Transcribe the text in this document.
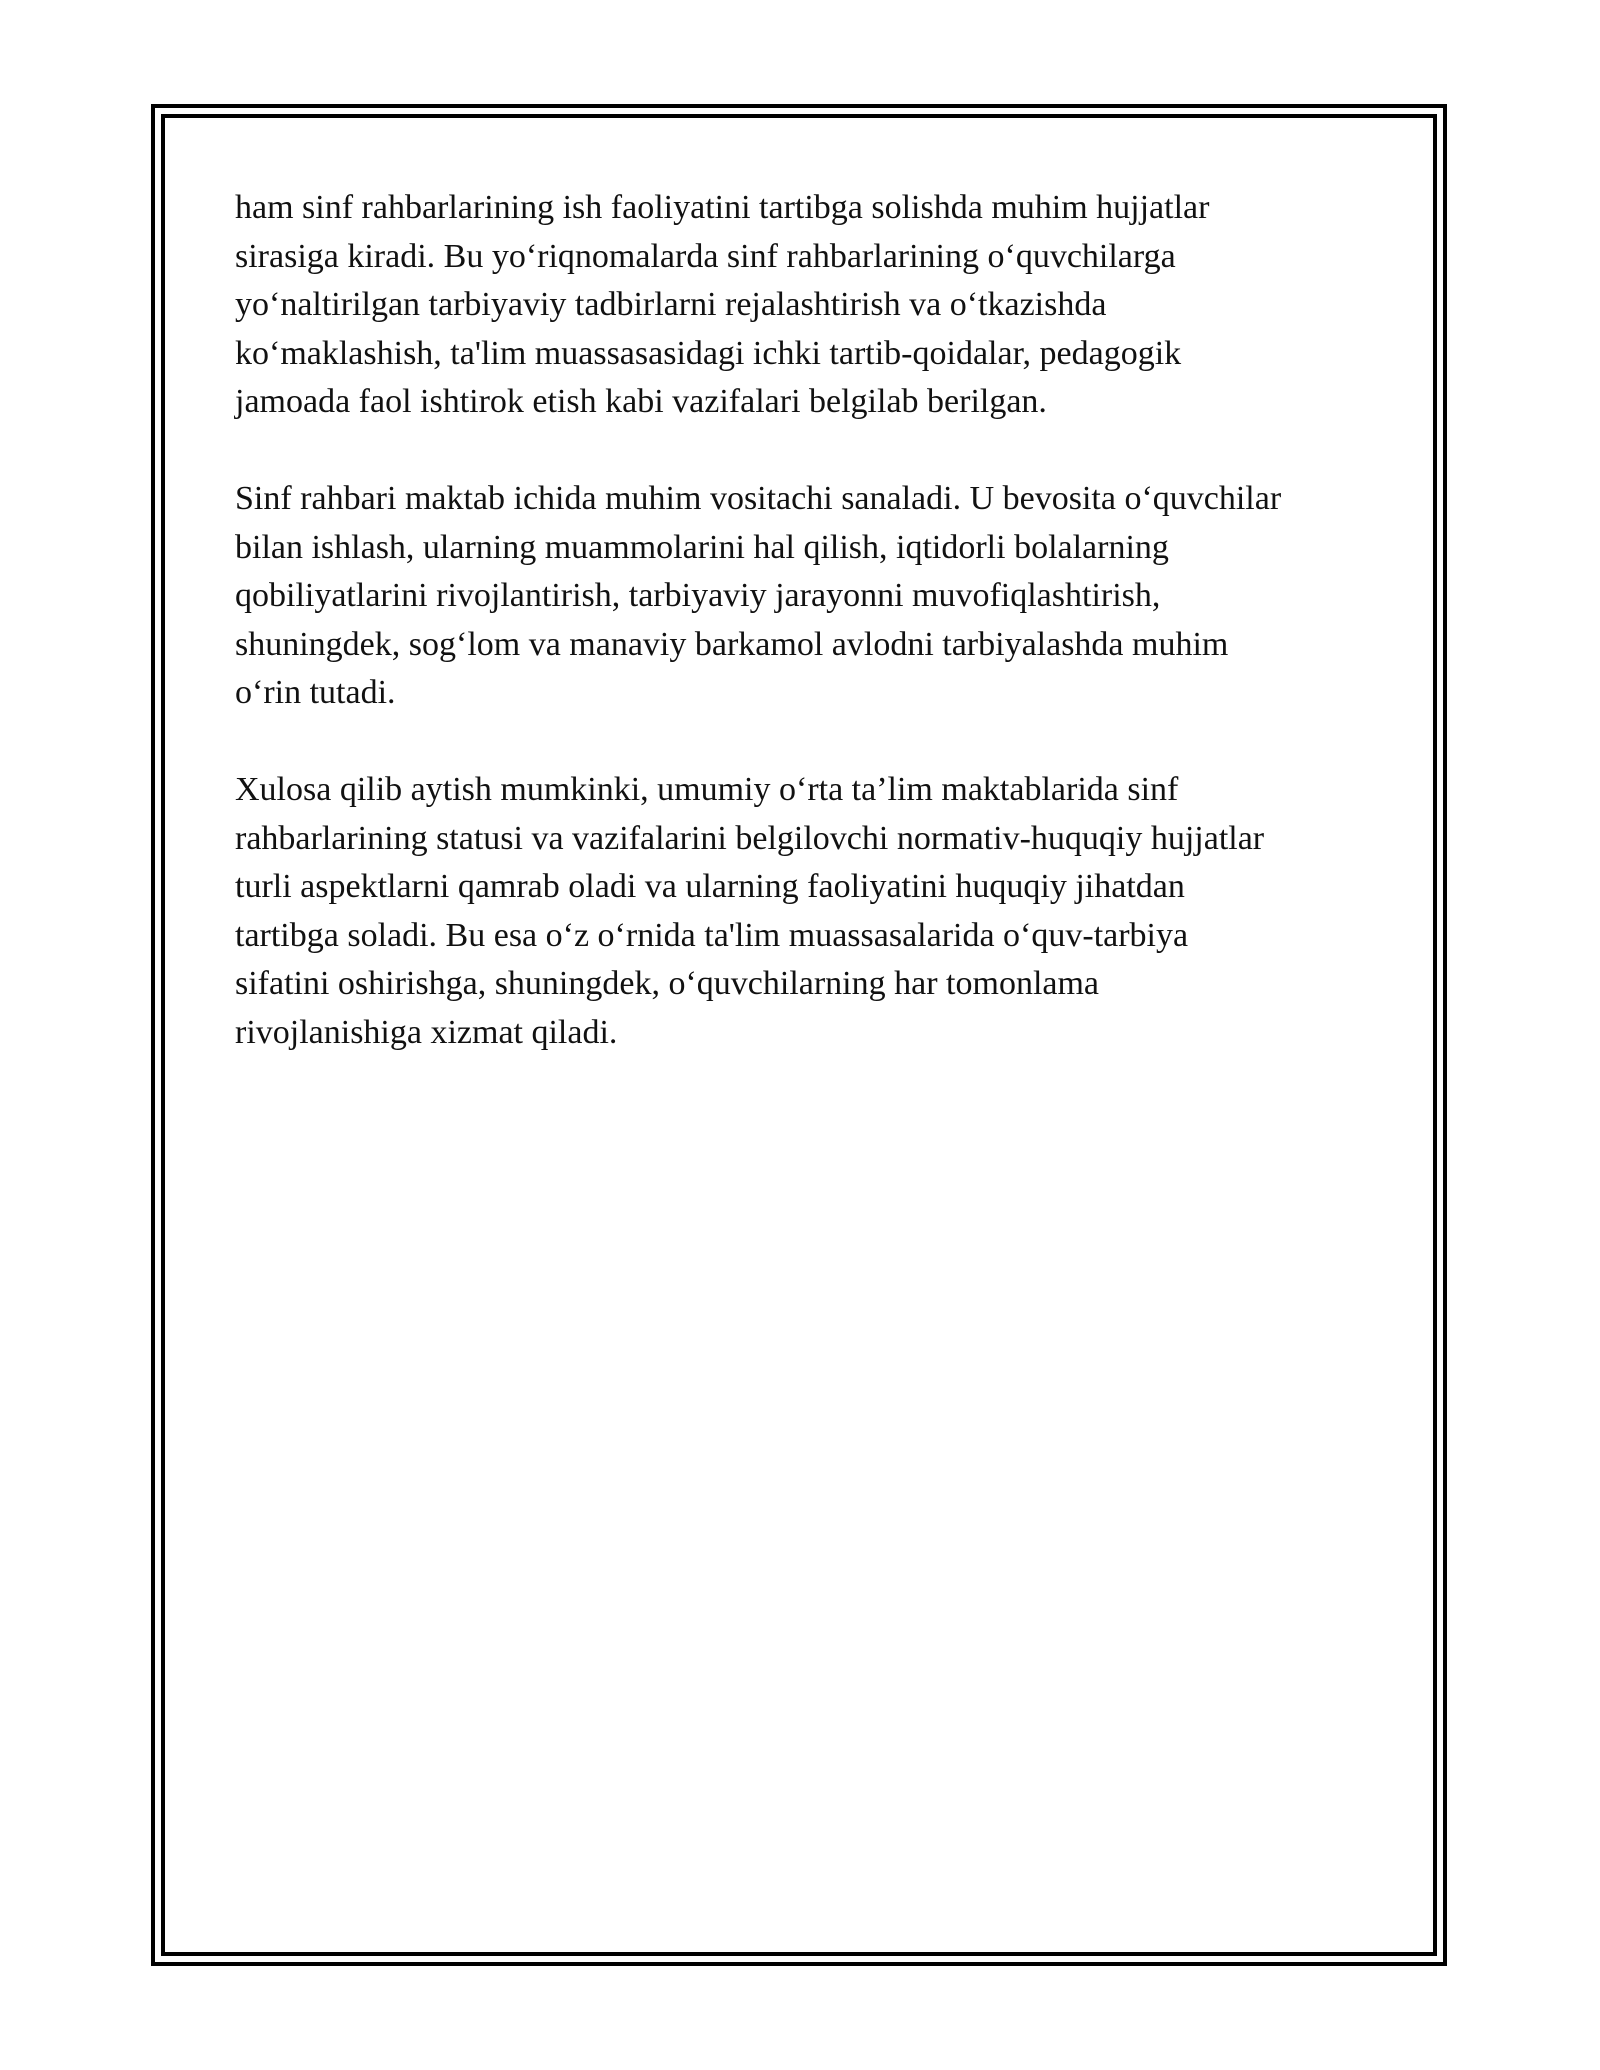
ham sinf rahbarlarining ish faoliyatini tartibga solishda muhim hujjatlar
sirasiga kiradi. Bu yo‘riqnomalarda sinf rahbarlarining o‘quvchilarga
yo‘naltirilgan tarbiyaviy tadbirlarni rejalashtirish va o‘tkazishda
ko‘maklashish, ta'lim muassasasidagi ichki tartib-qoidalar, pedagogik
jamoada faol ishtirok etish kabi vazifalari belgilab berilgan.

Sinf rahbari maktab ichida muhim vositachi sanaladi. U bevosita o‘quvchilar
bilan ishlash, ularning muammolarini hal qilish, iqtidorli bolalarning
qobiliyatlarini rivojlantirish, tarbiyaviy jarayonni muvofiqlashtirish,
shuningdek, sog‘lom va manaviy barkamol avlodni tarbiyalashda muhim
o‘rin tutadi.

Xulosa qilib aytish mumkinki, umumiy o‘rta ta’lim maktablarida sinf
rahbarlarining statusi va vazifalarini belgilovchi normativ-huquqiy hujjatlar
turli aspektlarni qamrab oladi va ularning faoliyatini huquqiy jihatdan
tartibga soladi. Bu esa o‘z o‘rnida ta'lim muassasalarida o‘quv-tarbiya
sifatini oshirishga, shuningdek, o‘quvchilarning har tomonlama
rivojlanishiga xizmat qiladi.
